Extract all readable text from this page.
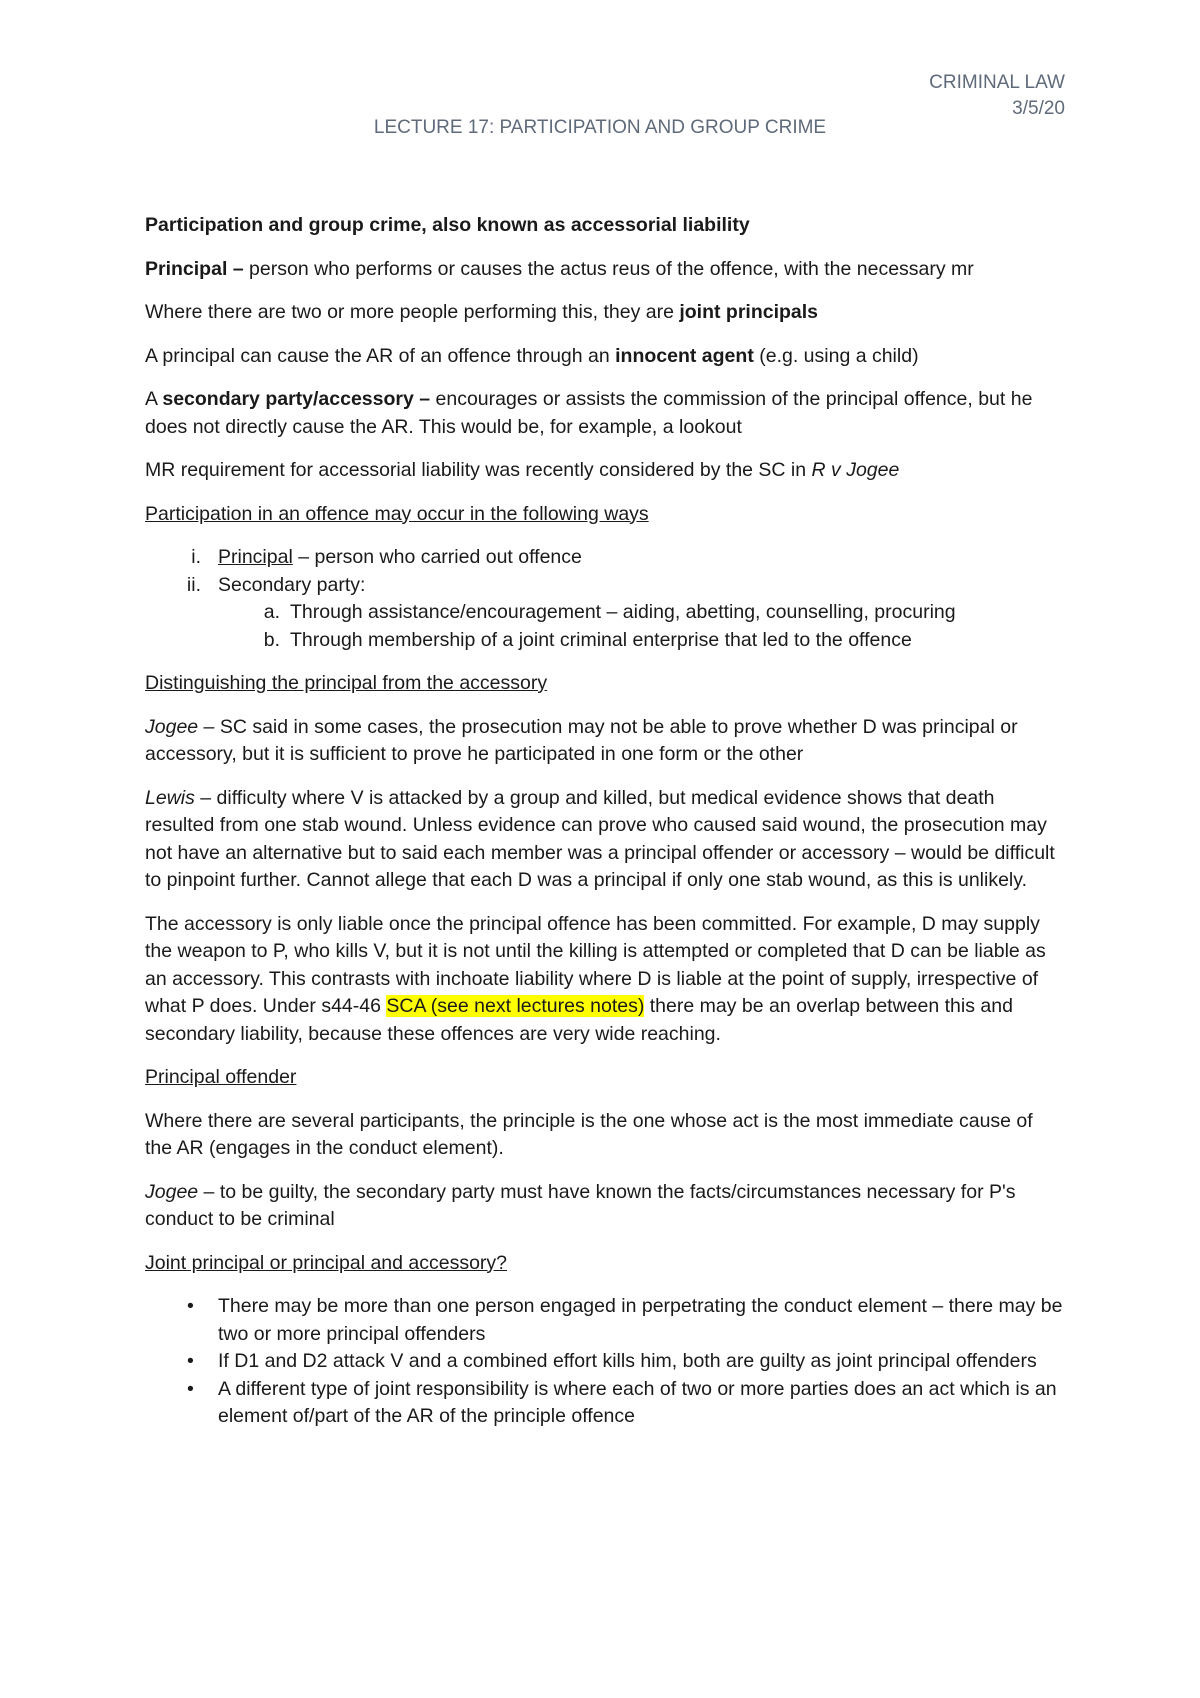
CRIMINAL LAW
3/5/20
LECTURE 17: PARTICIPATION AND GROUP CRIME

Participation and group crime, also known as accessorial liability

Principal – person who performs or causes the actus reus of the offence, with the necessary mr

Where there are two or more people performing this, they are joint principals

A principal can cause the AR of an offence through an innocent agent (e.g. using a child)

A secondary party/accessory – encourages or assists the commission of the principal offence, but he does not directly cause the AR. This would be, for example, a lookout

MR requirement for accessorial liability was recently considered by the SC in R v Jogee

Participation in an offence may occur in the following ways

i. Principal – person who carried out offence
ii. Secondary party:
a. Through assistance/encouragement – aiding, abetting, counselling, procuring
b. Through membership of a joint criminal enterprise that led to the offence

Distinguishing the principal from the accessory

Jogee – SC said in some cases, the prosecution may not be able to prove whether D was principal or accessory, but it is sufficient to prove he participated in one form or the other

Lewis – difficulty where V is attacked by a group and killed, but medical evidence shows that death resulted from one stab wound. Unless evidence can prove who caused said wound, the prosecution may not have an alternative but to said each member was a principal offender or accessory – would be difficult to pinpoint further. Cannot allege that each D was a principal if only one stab wound, as this is unlikely.

The accessory is only liable once the principal offence has been committed. For example, D may supply the weapon to P, who kills V, but it is not until the killing is attempted or completed that D can be liable as an accessory. This contrasts with inchoate liability where D is liable at the point of supply, irrespective of what P does. Under s44-46 SCA (see next lectures notes) there may be an overlap between this and secondary liability, because these offences are very wide reaching.

Principal offender

Where there are several participants, the principle is the one whose act is the most immediate cause of the AR (engages in the conduct element).

Jogee – to be guilty, the secondary party must have known the facts/circumstances necessary for P's conduct to be criminal

Joint principal or principal and accessory?

• There may be more than one person engaged in perpetrating the conduct element – there may be two or more principal offenders
• If D1 and D2 attack V and a combined effort kills him, both are guilty as joint principal offenders
• A different type of joint responsibility is where each of two or more parties does an act which is an element of/part of the AR of the principle offence
